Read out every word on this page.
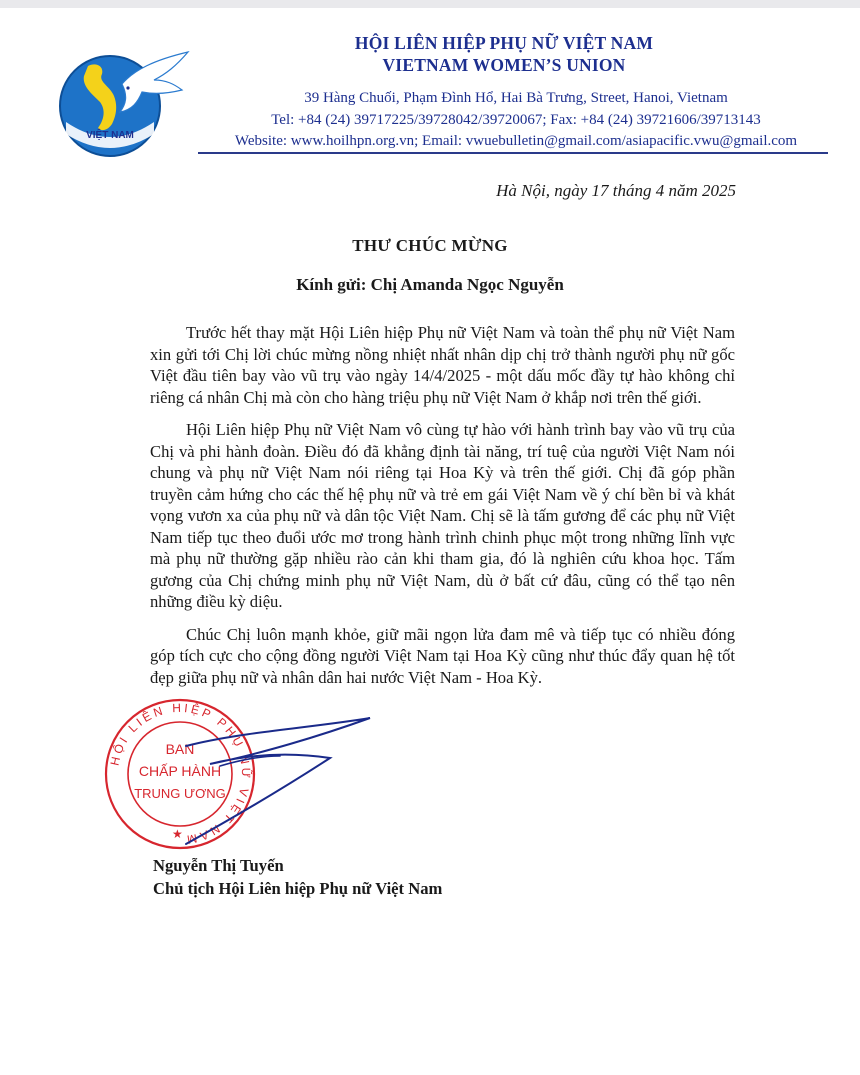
VIỆT NAM
HỘI LIÊN HIỆP PHỤ NỮ VIỆT NAM
VIETNAM WOMEN’S UNION
39 Hàng Chuối, Phạm Đình Hổ, Hai Bà Trưng, Street, Hanoi, Vietnam
Tel: +84 (24) 39717225/39728042/39720067; Fax: +84 (24) 39721606/39713143
Website: www.hoilhpn.org.vn; Email: vwuebulletin@gmail.com/asiapacific.vwu@gmail.com
Hà Nội, ngày 17 tháng 4 năm 2025
THƯ CHÚC MỪNG
Kính gửi: Chị Amanda Ngọc Nguyễn

Trước hết thay mặt Hội Liên hiệp Phụ nữ Việt Nam và toàn thể phụ nữ Việt Nam xin gửi tới Chị lời chúc mừng nồng nhiệt nhất nhân dịp chị trở thành người phụ nữ gốc Việt đầu tiên bay vào vũ trụ vào ngày 14/4/2025 - một dấu mốc đầy tự hào không chỉ riêng cá nhân Chị mà còn cho hàng triệu phụ nữ Việt Nam ở khắp nơi trên thế giới.

Hội Liên hiệp Phụ nữ Việt Nam vô cùng tự hào với hành trình bay vào vũ trụ của Chị và phi hành đoàn. Điều đó đã khẳng định tài năng, trí tuệ của người Việt Nam nói chung và phụ nữ Việt Nam nói riêng tại Hoa Kỳ và trên thế giới. Chị đã góp phần truyền cảm hứng cho các thế hệ phụ nữ và trẻ em gái Việt Nam về ý chí bền bỉ và khát vọng vươn xa của phụ nữ và dân tộc Việt Nam. Chị sẽ là tấm gương để các phụ nữ Việt Nam tiếp tục theo đuổi ước mơ trong hành trình chinh phục một trong những lĩnh vực mà phụ nữ thường gặp nhiều rào cản khi tham gia, đó là nghiên cứu khoa học. Tấm gương của Chị chứng minh phụ nữ Việt Nam, dù ở bất cứ đâu, cũng có thể tạo nên những điều kỳ diệu.

Chúc Chị luôn mạnh khỏe, giữ mãi ngọn lửa đam mê và tiếp tục có nhiều đóng góp tích cực cho cộng đồng người Việt Nam tại Hoa Kỳ cũng như thúc đẩy quan hệ tốt đẹp giữa phụ nữ và nhân dân hai nước Việt Nam - Hoa Kỳ.

HỘI LIÊN HIỆP PHỤ NỮ VIỆT NAM
BAN
CHẤP HÀNH
TRUNG ƯƠNG
★
Nguyễn Thị Tuyến
Chủ tịch Hội Liên hiệp Phụ nữ Việt Nam
